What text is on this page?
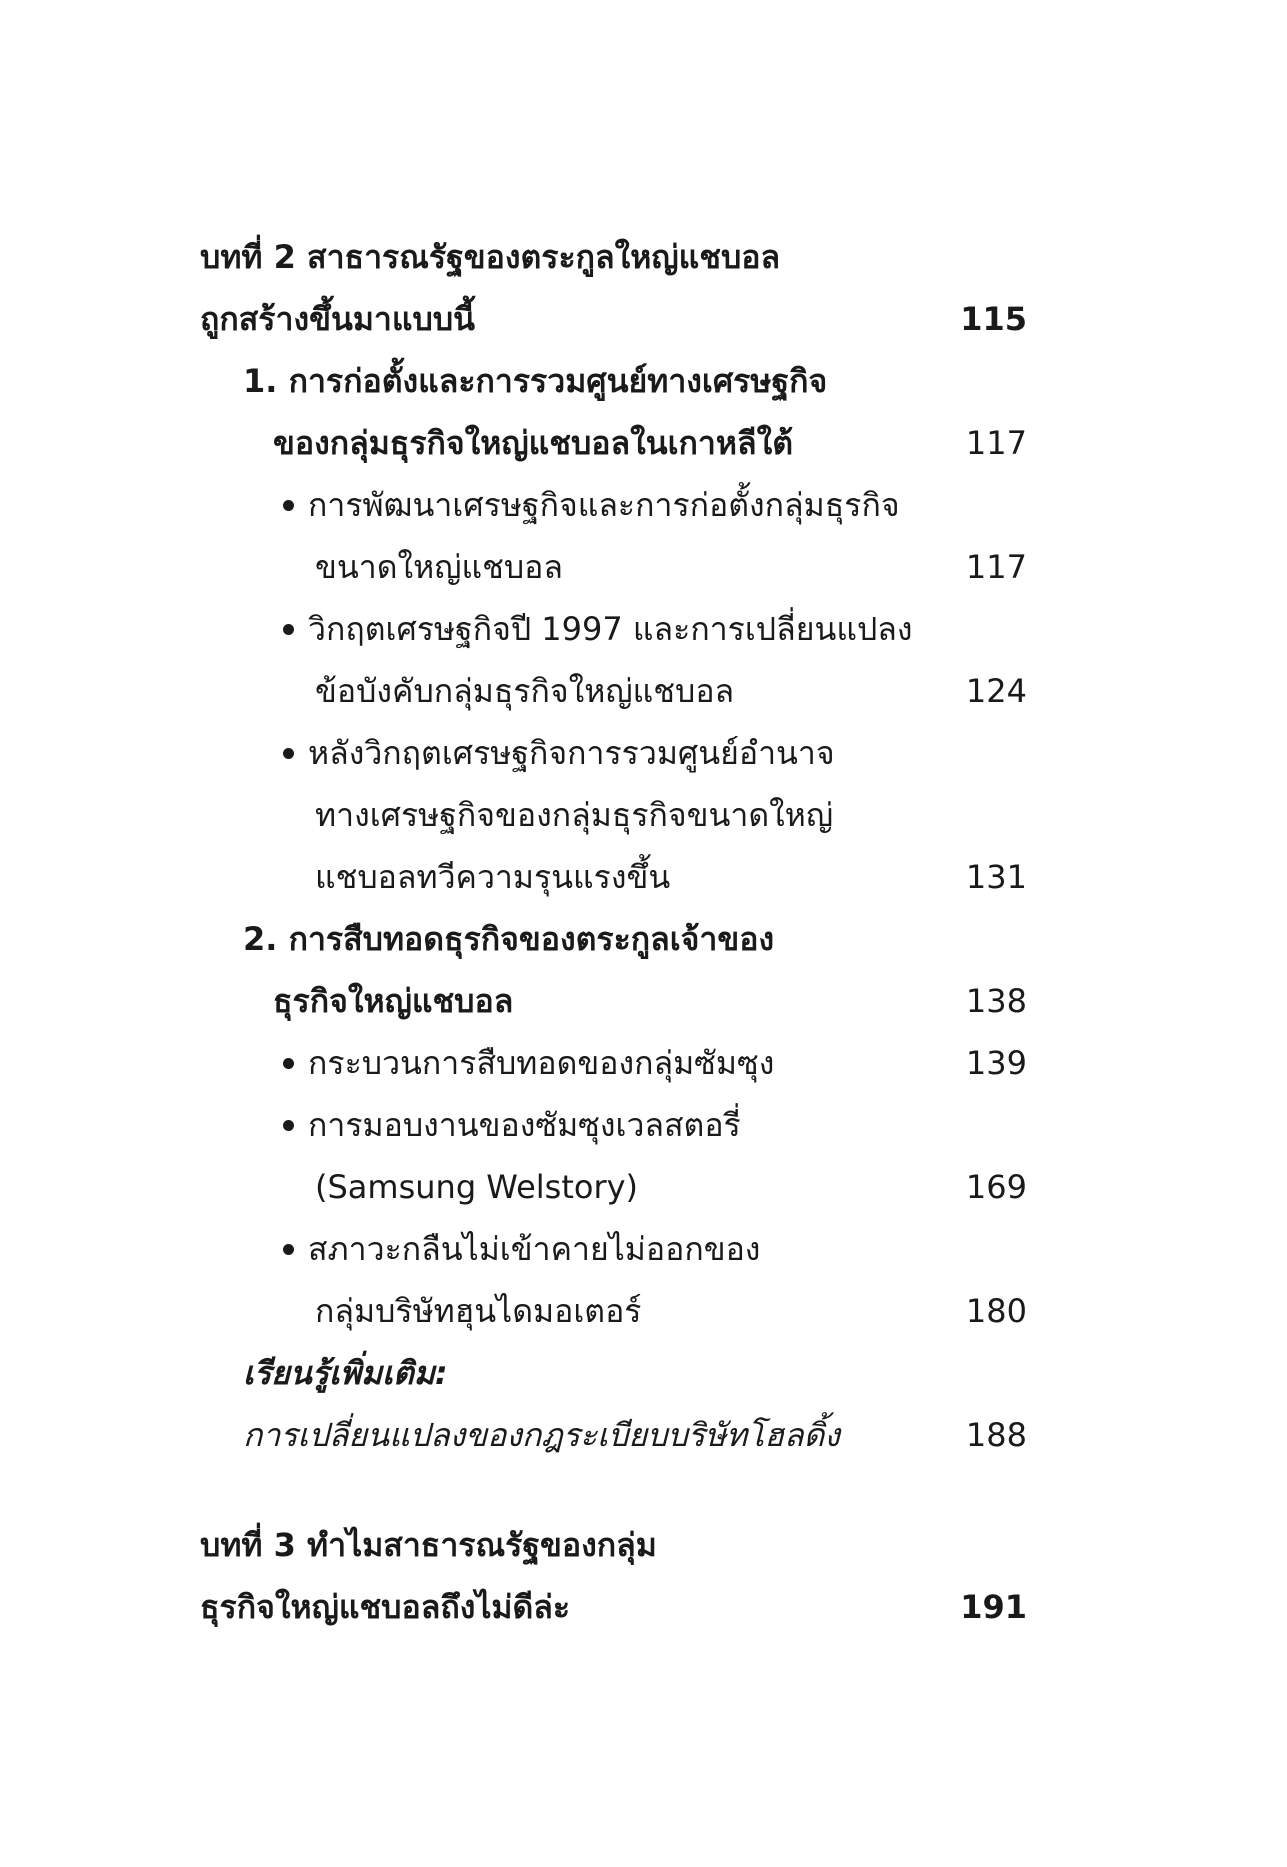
บทที่ 2 สาธารณรัฐของตระกูลใหญ่แชบอล
ถูกสร้างขึ้นมาแบบนี้	115
1. การก่อตั้งและการรวมศูนย์ทางเศรษฐกิจ
ของกลุ่มธุรกิจใหญ่แชบอลในเกาหลีใต้	117
การพัฒนาเศรษฐกิจและการก่อตั้งกลุ่มธุรกิจ
ขนาดใหญ่แชบอล	117
วิกฤตเศรษฐกิจปี 1997 และการเปลี่ยนแปลง
ข้อบังคับกลุ่มธุรกิจใหญ่แชบอล	124
หลังวิกฤตเศรษฐกิจการรวมศูนย์อำนาจ
ทางเศรษฐกิจของกลุ่มธุรกิจขนาดใหญ่
แชบอลทวีความรุนแรงขึ้น	131
2. การสืบทอดธุรกิจของตระกูลเจ้าของ
ธุรกิจใหญ่แชบอล	138
กระบวนการสืบทอดของกลุ่มซัมซุง	139
การมอบงานของซัมซุงเวลสตอรี่
(Samsung Welstory)	169
สภาวะกลืนไม่เข้าคายไม่ออกของ
กลุ่มบริษัทฮุนไดมอเตอร์	180
เรียนรู้เพิ่มเติม:
การเปลี่ยนแปลงของกฎระเบียบบริษัทโฮลดิ้ง	188
บทที่ 3 ทำไมสาธารณรัฐของกลุ่ม
ธุรกิจใหญ่แชบอลถึงไม่ดีล่ะ	191
